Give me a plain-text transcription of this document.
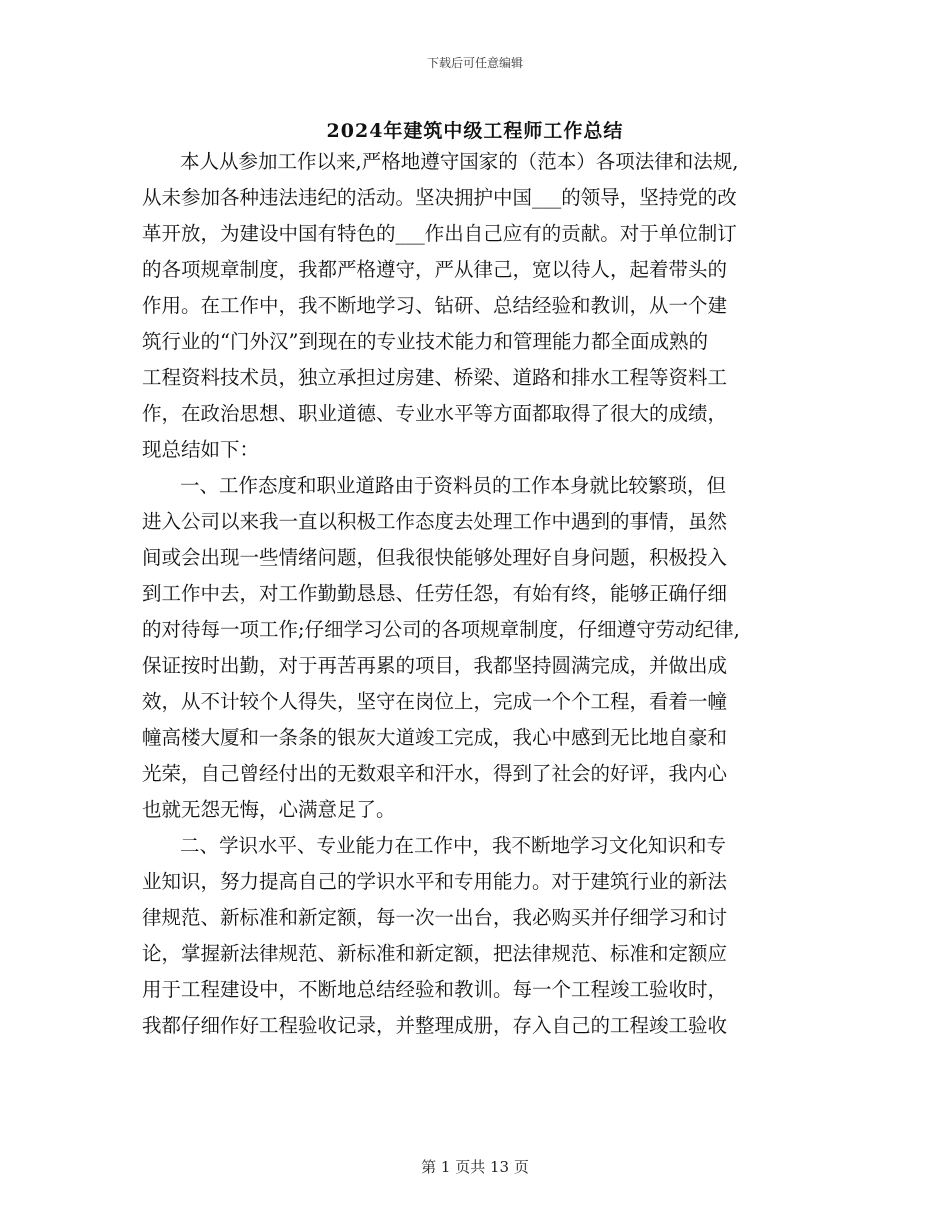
下载后可任意编辑
2024年建筑中级工程师工作总结
本人从参加工作以来,严格地遵守国家的（范本）各项法律和法规,
从未参加各种违法违纪的活动。坚决拥护中国___的领导，坚持党的改
革开放，为建设中国有特色的___作出自己应有的贡献。对于单位制订
的各项规章制度，我都严格遵守，严从律己，宽以待人，起着带头的
作用。在工作中，我不断地学习、钻研、总结经验和教训，从一个建
筑行业的“门外汉”到现在的专业技术能力和管理能力都全面成熟的
工程资料技术员，独立承担过房建、桥梁、道路和排水工程等资料工
作，在政治思想、职业道德、专业水平等方面都取得了很大的成绩，
现总结如下：
一、工作态度和职业道路由于资料员的工作本身就比较繁琐，但
进入公司以来我一直以积极工作态度去处理工作中遇到的事情，虽然
间或会出现一些情绪问题，但我很快能够处理好自身问题，积极投入
到工作中去，对工作勤勤恳恳、任劳任怨，有始有终，能够正确仔细
的对待每一项工作;仔细学习公司的各项规章制度，仔细遵守劳动纪律,
保证按时出勤，对于再苦再累的项目，我都坚持圆满完成，并做出成
效，从不计较个人得失，坚守在岗位上，完成一个个工程，看着一幢
幢高楼大厦和一条条的银灰大道竣工完成，我心中感到无比地自豪和
光荣，自己曾经付出的无数艰辛和汗水，得到了社会的好评，我内心
也就无怨无悔，心满意足了。
二、学识水平、专业能力在工作中，我不断地学习文化知识和专
业知识，努力提高自己的学识水平和专用能力。对于建筑行业的新法
律规范、新标准和新定额，每一次一出台，我必购买并仔细学习和讨
论，掌握新法律规范、新标准和新定额，把法律规范、标准和定额应
用于工程建设中，不断地总结经验和教训。每一个工程竣工验收时，
我都仔细作好工程验收记录，并整理成册，存入自己的工程竣工验收
第 1 页共 13 页
